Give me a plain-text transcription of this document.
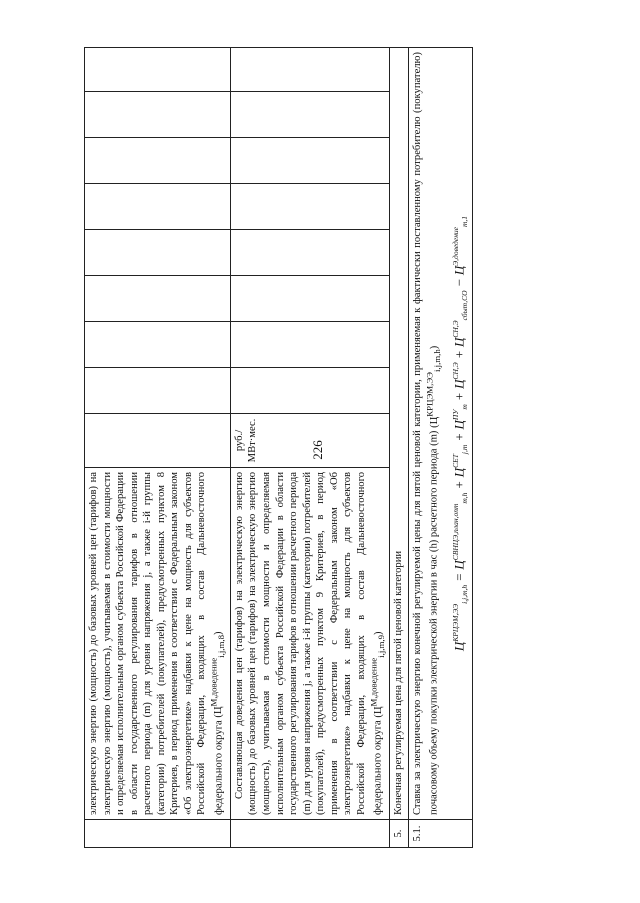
226
	электрическую энергию (мощность) до базовых уровней цен (тарифов) на электрическую энергию (мощность), учитываемая в стоимости мощности и определяемая исполнительным органом субъекта Российской Федерации в области государственного регулирования тарифов в отношении расчетного периода (m) для уровня напряжения j, а также i-й группы (категории) потребителей (покупателей), предусмотренных пунктом 8 Критериев, в период применения в соответствии с Федеральным законом «Об электроэнергетике» надбавки к цене на мощность для субъектов Российской Федерации, входящих в состав Дальневосточного федерального округа $(Ц^{М,доведение}_{i,j,m,8})$									
	Составляющая доведения цен (тарифов) на электрическую энергию (мощность) до базовых уровней цен (тарифов) на электрическую энергию (мощность), учитываемая в стоимости мощности и определяемая исполнительным органом субъекта Российской Федерации в области государственного регулирования тарифов в отношении расчетного периода (m) для уровня напряжения j, а также i-й группы (категории) потребителей (покупателей), предусмотренных пунктом 9 Критериев, в период применения в соответствии с Федеральным законом «Об электроэнергетике» надбавки к цене на мощность для субъектов Российской Федерации, входящих в состав Дальневосточного федерального округа $(Ц^{М,доведение}_{i,j,m,9})$	руб./ МВт·мес.								
5.	Конечная регулируемая цена для пятой ценовой категории									
5.1.	Ставка за электрическую энергию конечной регулируемой цены для пятой ценовой категории, применяемая к фактически поставленному потребителю (покупателю) почасовому объему покупки электрической энергии в час (h) расчетного периода (m) $(Ц^{КРЦЭМ,ЭЭ}_{i,j,m,h})$
$Ц^{КРЦЭМ,ЭЭ}_{i,j,m,h} = Ц^{СВНЦЭ,план,опт}_{m,h} + Ц^{СЕТ}_{j,m} + Ц^{ПУ}_m + Ц^{СН,Э} + Ц^{СН,Э}_{сбыт,СО} - Ц^{Э,доведение}_{m,1}$
